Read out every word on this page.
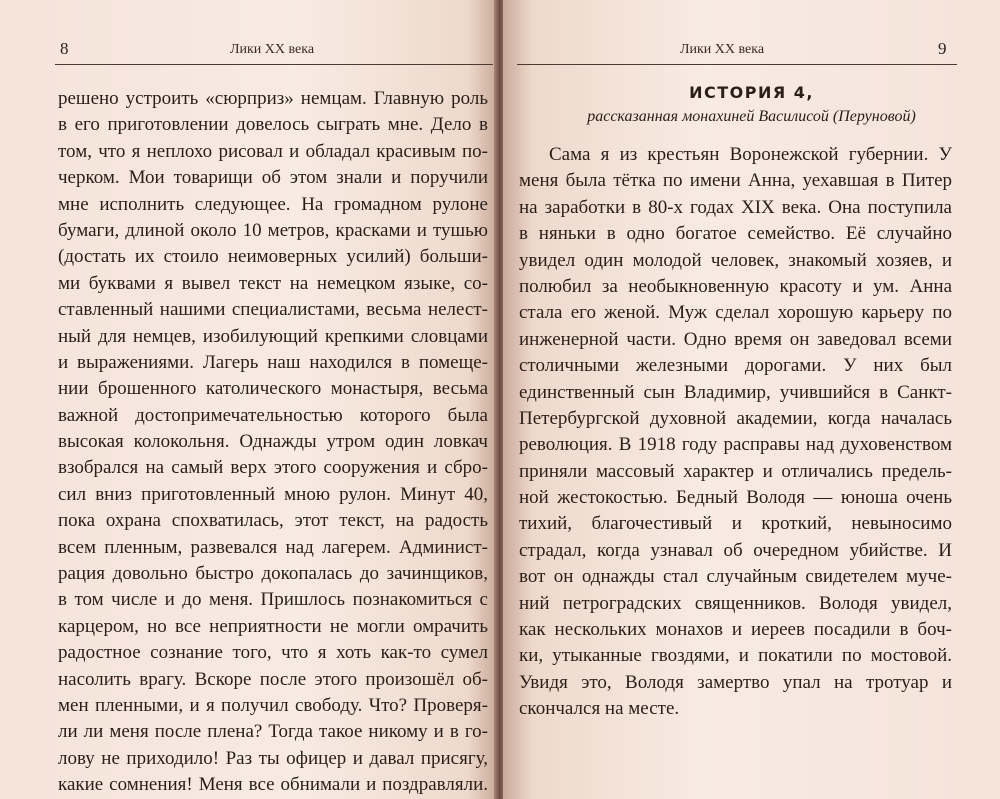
8	Лики XX века
решено устроить «сюрприз» немцам. Главную роль
в его приготовлении довелось сыграть мне. Дело в
том, что я неплохо рисовал и обладал красивым по-
черком. Мои товарищи об этом знали и поручили
мне исполнить следующее. На громадном рулоне
бумаги, длиной около 10 метров, красками и тушью
(достать их стоило неимоверных усилий) больши-
ми буквами я вывел текст на немецком языке, со-
ставленный нашими специалистами, весьма нелест-
ный для немцев, изобилующий крепкими словцами
и выражениями. Лагерь наш находился в помеще-
нии брошенного католического монастыря, весьма
важной достопримечательностью которого была
высокая колокольня. Однажды утром один ловкач
взобрался на самый верх этого сооружения и сбро-
сил вниз приготовленный мною рулон. Минут 40,
пока охрана спохватилась, этот текст, на радость
всем пленным, развевался над лагерем. Админист-
рация довольно быстро докопалась до зачинщиков,
в том числе и до меня. Пришлось познакомиться с
карцером, но все неприятности не могли омрачить
радостное сознание того, что я хоть как-то сумел
насолить врагу. Вскоре после этого произошёл об-
мен пленными, и я получил свободу. Что? Проверя-
ли ли меня после плена? Тогда такое никому и в го-
лову не приходило! Раз ты офицер и давал присягу,
какие сомнения! Меня все обнимали и поздравляли.
Лики XX века	9
ИСТОРИЯ 4,
рассказанная монахиней Василисой (Перуновой)
Сама я из крестьян Воронежской губернии. У
меня была тётка по имени Анна, уехавшая в Питер
на заработки в 80-х годах XIX века. Она поступила
в няньки в одно богатое семейство. Её случайно
увидел один молодой человек, знакомый хозяев, и
полюбил за необыкновенную красоту и ум. Анна
стала его женой. Муж сделал хорошую карьеру по
инженерной части. Одно время он заведовал всеми
столичными железными дорогами. У них был
единственный сын Владимир, учившийся в Санкт-
Петербургской духовной академии, когда началась
революция. В 1918 году расправы над духовенством
приняли массовый характер и отличались предель-
ной жестокостью. Бедный Володя — юноша очень
тихий, благочестивый и кроткий, невыносимо
страдал, когда узнавал об очередном убийстве. И
вот он однажды стал случайным свидетелем муче-
ний петроградских священников. Володя увидел,
как нескольких монахов и иереев посадили в боч-
ки, утыканные гвоздями, и покатили по мостовой.
Увидя это, Володя замертво упал на тротуар и
скончался на месте.
